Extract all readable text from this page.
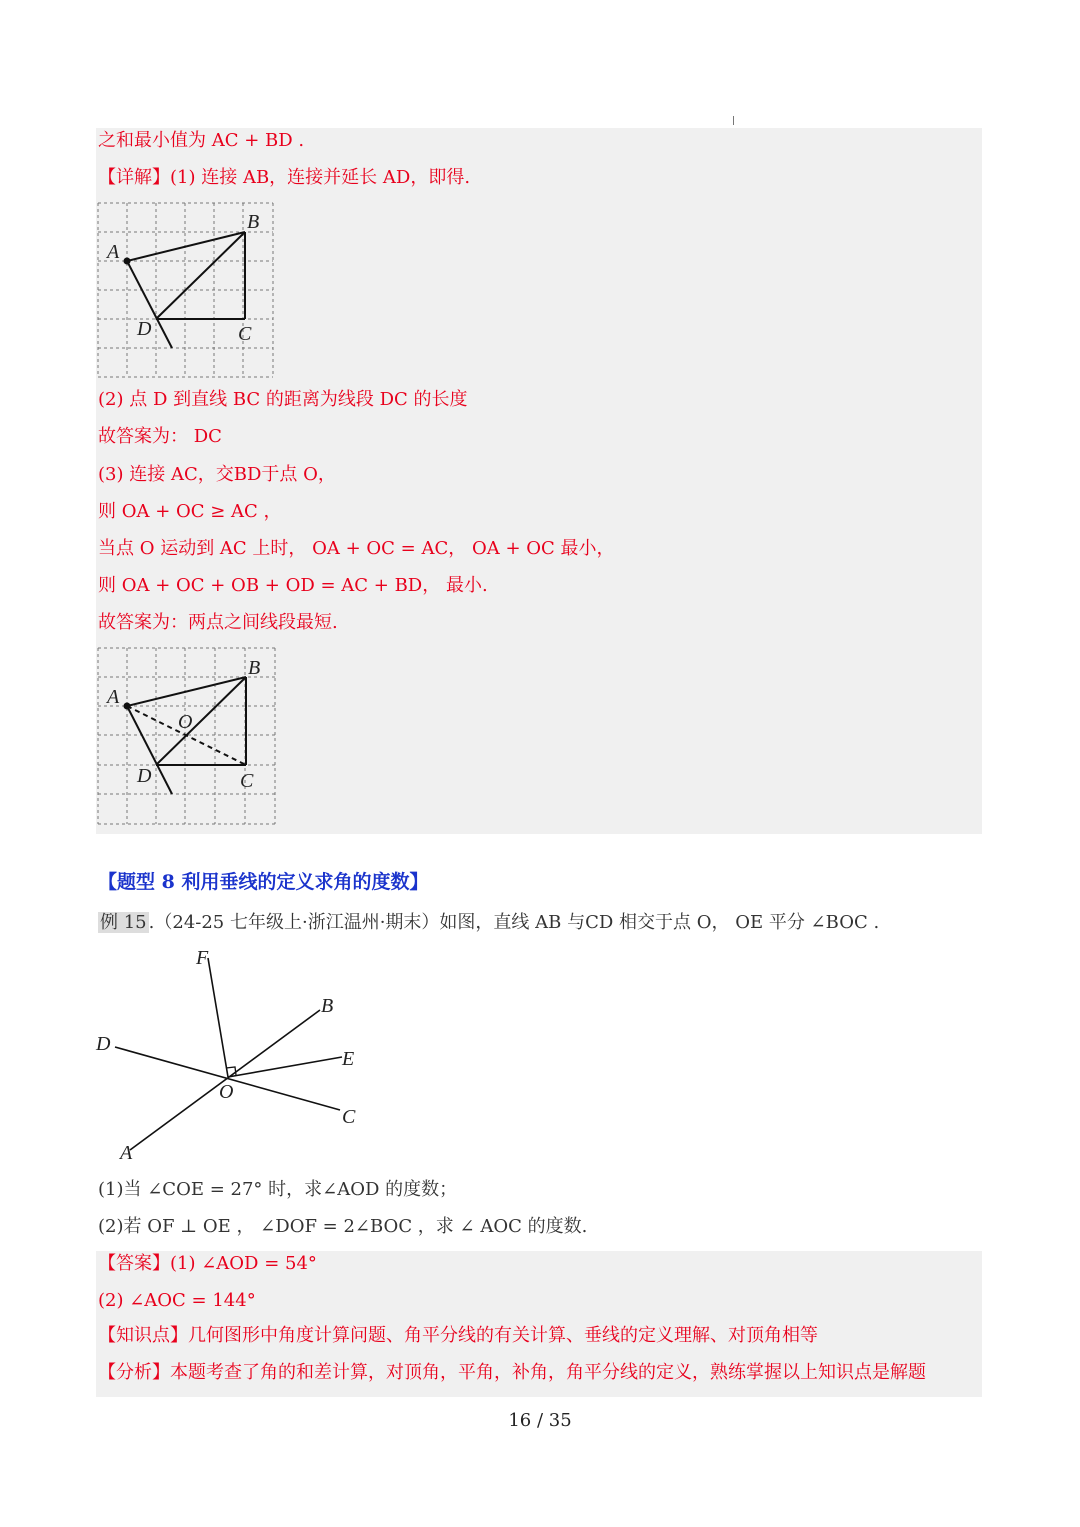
之和最小值为 AC + BD .
【详解】(1) 连接 AB，连接并延长 AD，即得.
A
B
C
D
(2) 点 D 到直线 BC 的距离为线段 DC 的长度
故答案为： DC
(3) 连接 AC，交BD于点 O，
则 OA + OC ≥ AC ，
当点 O 运动到 AC 上时， OA + OC = AC， OA + OC 最小，
则 OA + OC + OB + OD = AC + BD， 最小.
故答案为：两点之间线段最短.
A
B
C
D
O
【题型 8 利用垂线的定义求角的度数】
例 15 .（24-25 七年级上·浙江温州·期末）如图，直线 AB 与CD 相交于点 O， OE 平分 ∠BOC .
D
F
B
E
C
O
A
(1)当 ∠COE = 27° 时，求∠AOD 的度数；
(2)若 OF ⊥ OE ， ∠DOF = 2∠BOC ，求 ∠ AOC 的度数.
【答案】(1) ∠AOD = 54°
(2) ∠AOC = 144°
【知识点】几何图形中角度计算问题、角平分线的有关计算、垂线的定义理解、对顶角相等
【分析】本题考查了角的和差计算，对顶角，平角，补角，角平分线的定义，熟练掌握以上知识点是解题
16 / 35
